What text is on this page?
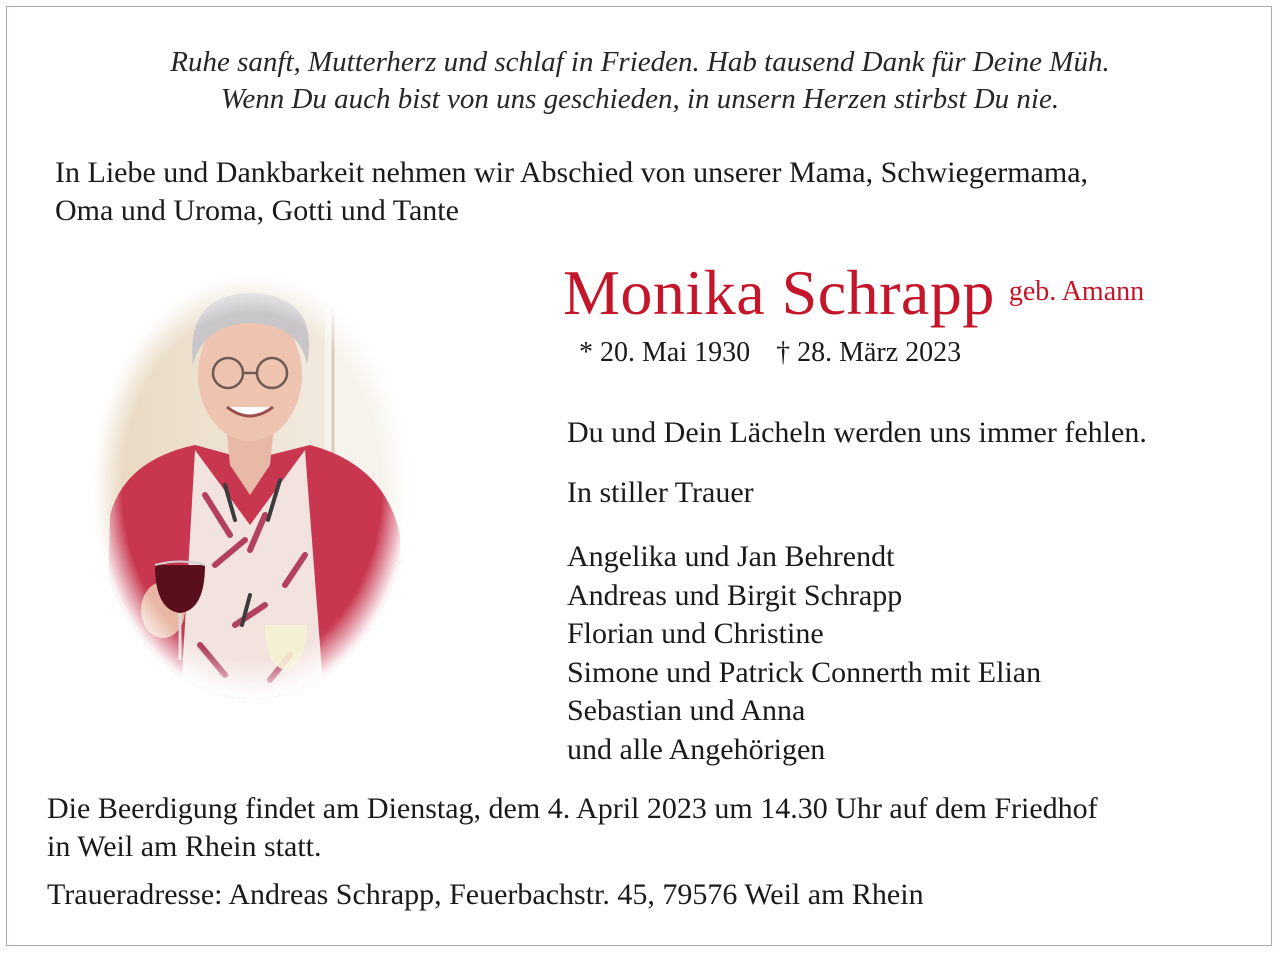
Ruhe sanft, Mutterherz und schlaf in Frieden. Hab tausend Dank für Deine Müh.
Wenn Du auch bist von uns geschieden, in unsern Herzen stirbst Du nie.
In Liebe und Dankbarkeit nehmen wir Abschied von unserer Mama, Schwiegermama,
Oma und Uroma, Gotti und Tante
Monika Schrapp geb. Amann
* 20. Mai 1930 † 28. März 2023
Du und Dein Lächeln werden uns immer fehlen.
In stiller Trauer
Angelika und Jan Behrendt
Andreas und Birgit Schrapp
Florian und Christine
Simone und Patrick Connerth mit Elian
Sebastian und Anna
und alle Angehörigen
Die Beerdigung findet am Dienstag, dem 4. April 2023 um 14.30 Uhr auf dem Friedhof
in Weil am Rhein statt.
Traueradresse: Andreas Schrapp, Feuerbachstr. 45, 79576 Weil am Rhein
